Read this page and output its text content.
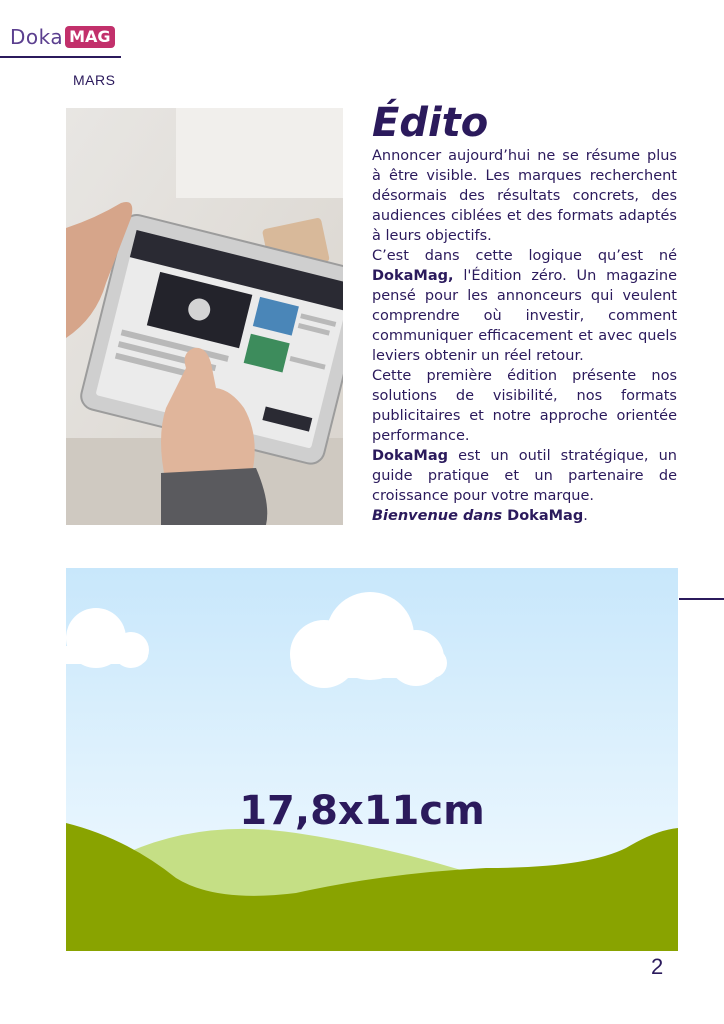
Doka MAG
MARS
Édito

Annoncer aujourd’hui ne se résume plus à être visible. Les marques recherchent désormais des résultats concrets, des audiences ciblées et des formats adaptés à leurs objectifs.

C’est dans cette logique qu’est né DokaMag, l'Édition zéro. Un magazine pensé pour les annonceurs qui veulent comprendre où investir, comment communiquer efficacement et avec quels leviers obtenir un réel retour.

Cette première édition présente nos solutions de visibilité, nos formats publicitaires et notre approche orientée performance.

DokaMag est un outil stratégique, un guide pratique et un partenaire de croissance pour votre marque.

Bienvenue dans DokaMag.

17,8x11cm
2
